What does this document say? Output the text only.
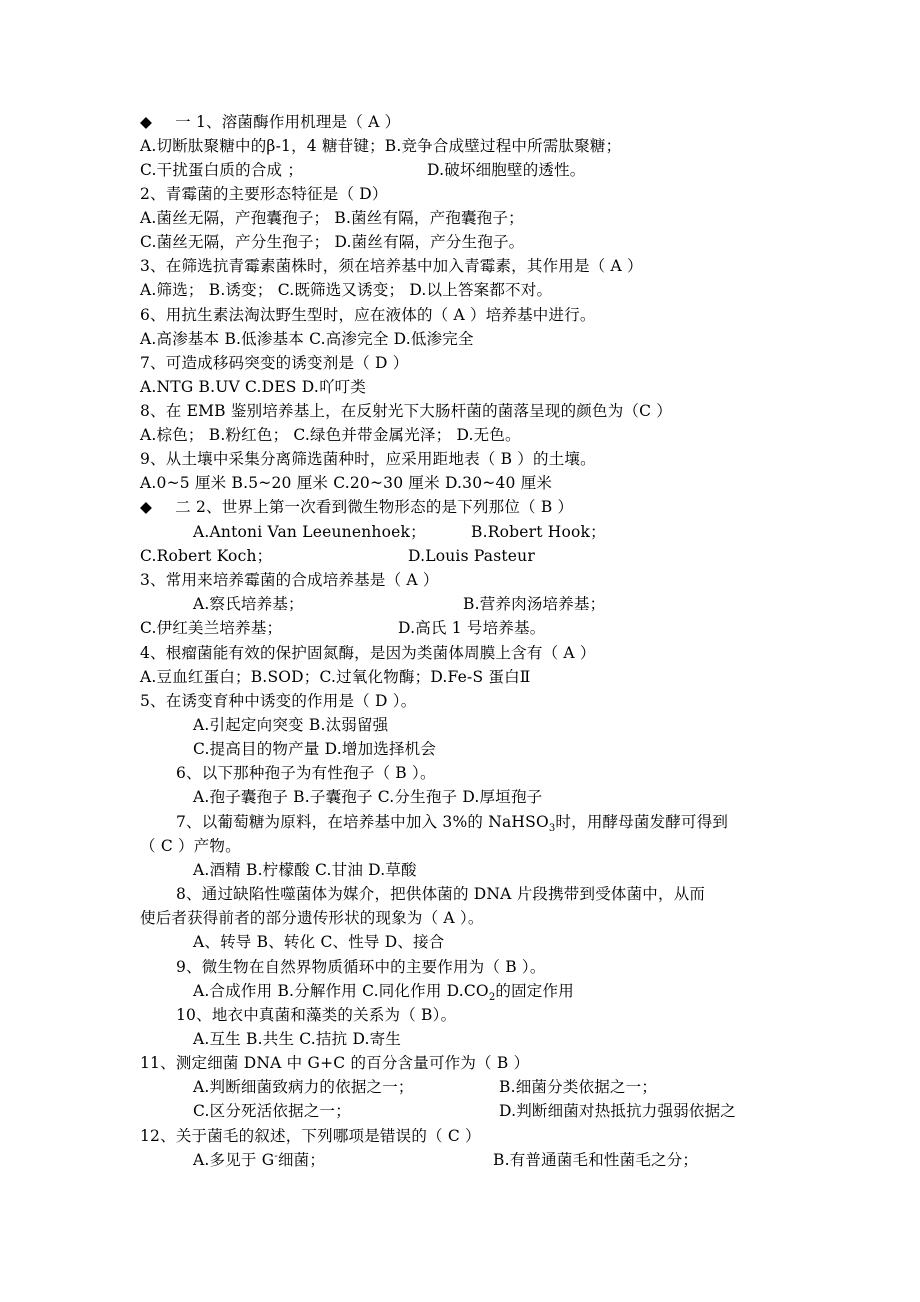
◆ 一 1、溶菌酶作用机理是（ A ）
A.切断肽聚糖中的β-1，4 糖苷键；B.竞争合成壁过程中所需肽聚糖；
C.干扰蛋白质的合成 ；	D.破坏细胞壁的透性。
2、青霉菌的主要形态特征是（ D）
A.菌丝无隔，产孢囊孢子； B.菌丝有隔，产孢囊孢子；
C.菌丝无隔，产分生孢子； D.菌丝有隔，产分生孢子。
3、在筛选抗青霉素菌株时，须在培养基中加入青霉素，其作用是（ A ）
A.筛选； B.诱变； C.既筛选又诱变； D.以上答案都不对。
6、用抗生素法淘汰野生型时，应在液体的（ A ）培养基中进行。
A.高渗基本 B.低渗基本 C.高渗完全 D.低渗完全
7、可造成移码突变的诱变剂是（ D ）
A.NTG B.UV C.DES D.吖叮类
8、在 EMB 鉴别培养基上，在反射光下大肠杆菌的菌落呈现的颜色为（C ）
A.棕色； B.粉红色； C.绿色并带金属光泽； D.无色。
9、从土壤中采集分离筛选菌种时，应采用距地表（ B ）的土壤。
A.0~5 厘米 B.5~20 厘米 C.20~30 厘米 D.30~40 厘米
◆ 二 2、世界上第一次看到微生物形态的是下列那位（ B ）
A.Antoni Van Leeunenhoek；	B.Robert Hook；
C.Robert Koch；	D.Louis Pasteur
3、常用来培养霉菌的合成培养基是（ A ）
A.察氏培养基；	B.营养肉汤培养基；
C.伊红美兰培养基；	D.高氏 1 号培养基。
4、根瘤菌能有效的保护固氮酶，是因为类菌体周膜上含有（ A ）
A.豆血红蛋白；B.SOD；C.过氧化物酶；D.Fe-S 蛋白Ⅱ
5、在诱变育种中诱变的作用是（ D ）。
A.引起定向突变 B.汰弱留强
C.提高目的物产量 D.增加选择机会
6、以下那种孢子为有性孢子（ B ）。
A.孢子囊孢子 B.子囊孢子 C.分生孢子 D.厚垣孢子
7、以葡萄糖为原料，在培养基中加入 3%的 NaHSO$_3$时，用酵母菌发酵可得到
（ C ）产物。
A.酒精 B.柠檬酸 C.甘油 D.草酸
8、通过缺陷性噬菌体为媒介，把供体菌的 DNA 片段携带到受体菌中，从而
使后者获得前者的部分遗传形状的现象为（ A ）。
A、转导 B、转化 C、性导 D、接合
9、微生物在自然界物质循环中的主要作用为（ B ）。
A.合成作用 B.分解作用 C.同化作用 $D.CO_2$的固定作用
10、地衣中真菌和藻类的关系为（ B）。
A.互生 B.共生 C.拮抗 D.寄生
11、测定细菌 DNA 中 G+C 的百分含量可作为（ B ）
A.判断细菌致病力的依据之一；	B.细菌分类依据之一；
C.区分死活依据之一；	D.判断细菌对热抵抗力强弱依据之
12、关于菌毛的叙述，下列哪项是错误的（ C ）
A.多见于 G-细菌；	B.有普通菌毛和性菌毛之分；
